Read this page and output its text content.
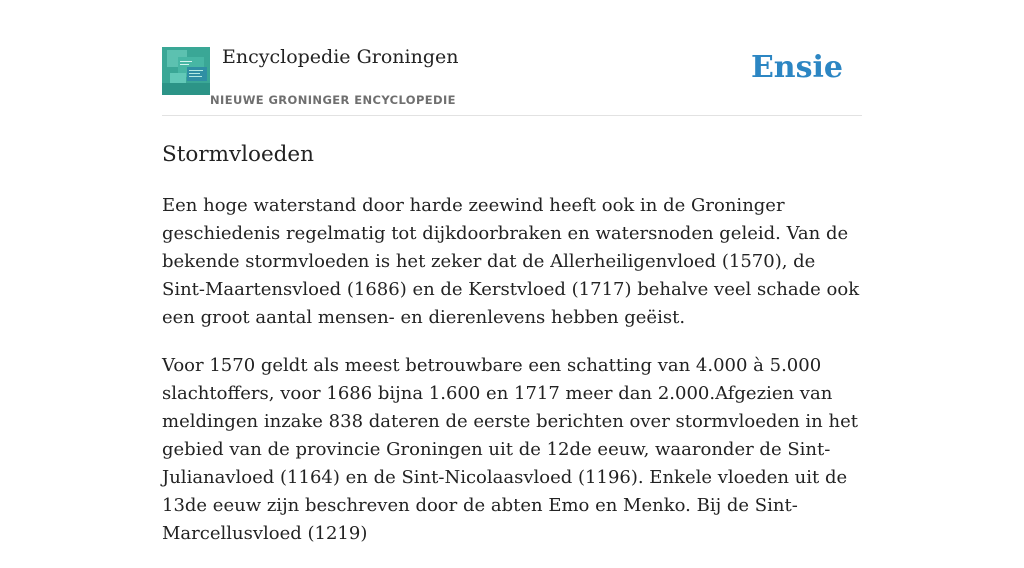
Encyclopedie Groningen
NIEUWE GRONINGER ENCYCLOPEDIE
Ensie
Stormvloeden

Een hoge waterstand door harde zeewind heeft ook in de Groninger geschiedenis regelmatig tot dijkdoorbraken en watersnoden geleid. Van de bekende stormvloeden is het zeker dat de Allerheiligenvloed (1570), de Sint-Maartensvloed (1686) en de Kerstvloed (1717) behalve veel schade ook een groot aantal mensen- en dierenlevens hebben geëist.

Voor 1570 geldt als meest betrouwbare een schatting van 4.000 à 5.000 slachtoffers, voor 1686 bijna 1.600 en 1717 meer dan 2.000.Afgezien van meldingen inzake 838 dateren de eerste berichten over stormvloeden in het gebied van de provincie Groningen uit de 12de eeuw, waaronder de Sint-Julianavloed (1164) en de Sint-Nicolaasvloed (1196). Enkele vloeden uit de 13de eeuw zijn beschreven door de abten Emo en Menko. Bij de Sint-Marcellusvloed (1219)
